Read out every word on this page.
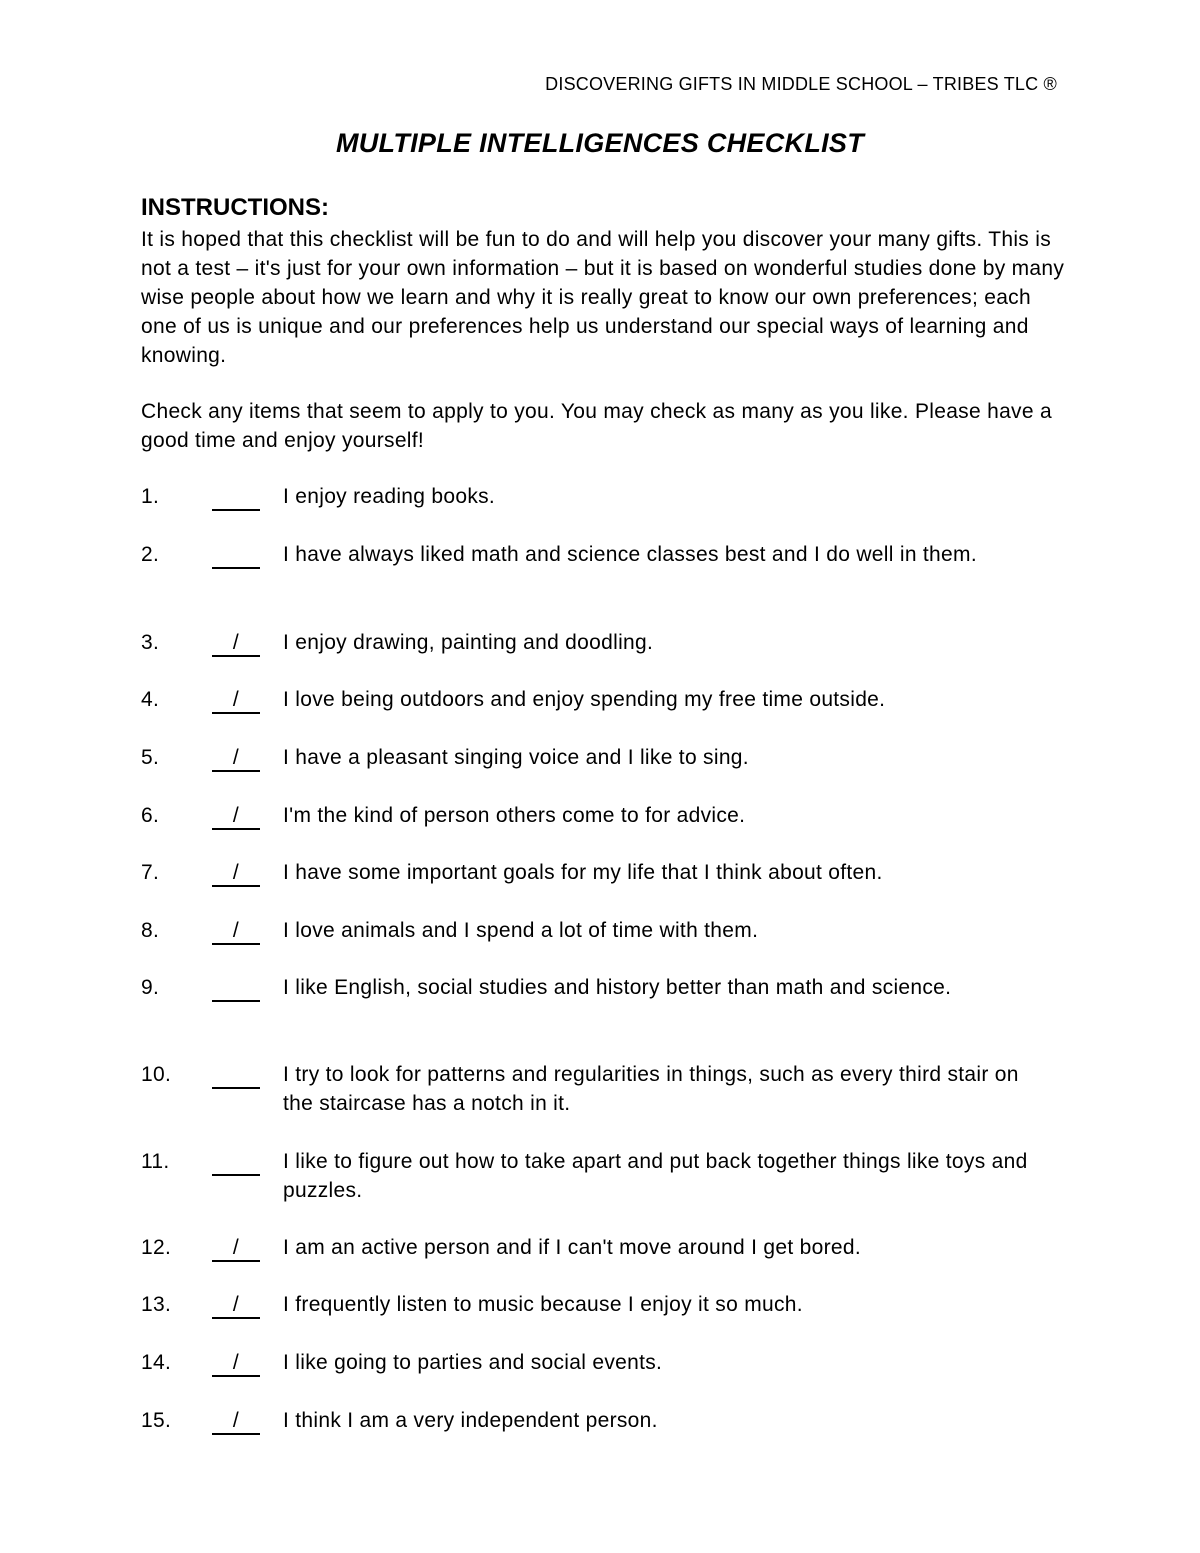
DISCOVERING GIFTS IN MIDDLE SCHOOL – TRIBES TLC ®
MULTIPLE INTELLIGENCES CHECKLIST
INSTRUCTIONS:
It is hoped that this checklist will be fun to do and will help you discover your many gifts. This is not a test – it's just for your own information – but it is based on wonderful studies done by many wise people about how we learn and why it is really great to know our own preferences; each one of us is unique and our preferences help us understand our special ways of learning and knowing.
Check any items that seem to apply to you. You may check as many as you like. Please have a good time and enjoy yourself!
1.	I enjoy reading books.
2.	I have always liked math and science classes best and I do well in them.
3.	/	I enjoy drawing, painting and doodling.
4.	/	I love being outdoors and enjoy spending my free time outside.
5.	/	I have a pleasant singing voice and I like to sing.
6.	/	I'm the kind of person others come to for advice.
7.	/	I have some important goals for my life that I think about often.
8.	/	I love animals and I spend a lot of time with them.
9.	I like English, social studies and history better than math and science.
10.	I try to look for patterns and regularities in things, such as every third stair on the staircase has a notch in it.
11.	I like to figure out how to take apart and put back together things like toys and puzzles.
12.	/	I am an active person and if I can't move around I get bored.
13.	/	I frequently listen to music because I enjoy it so much.
14.	/	I like going to parties and social events.
15.	/	I think I am a very independent person.
